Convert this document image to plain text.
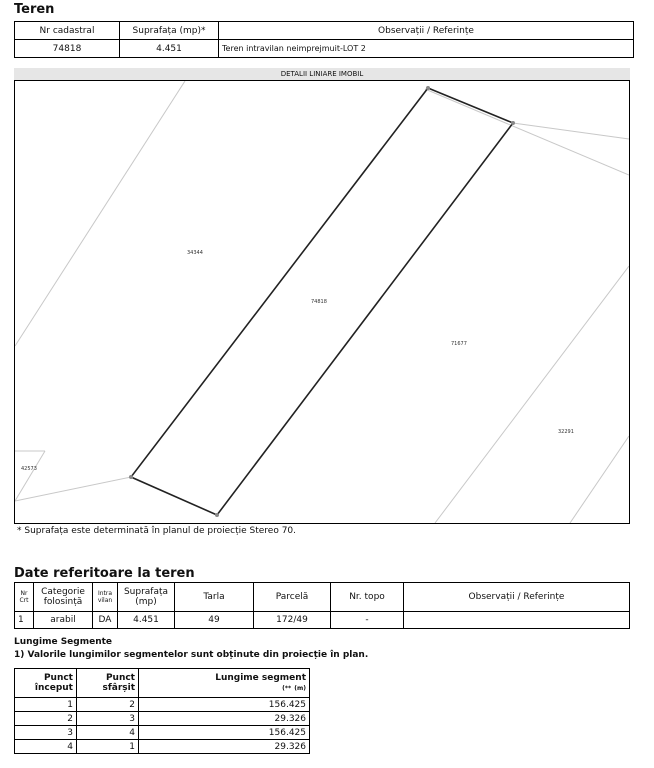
Teren
Nr cadastral	Suprafața (mp)*	Observații / Referințe
74818	4.451	Teren intravilan neimprejmuit-LOT 2
DETALII LINIARE IMOBIL
74818
34344
71677
32291
42573
* Suprafața este determinată în planul de proiecție Stereo 70.
Date referitoare la teren
Nr Crt	Categorie folosință	Intra vilan	Suprafața (mp)	Tarla	Parcelă	Nr. topo	Observații / Referințe
1	arabil	DA	4.451	49	172/49	-	
Lungime Segmente
1) Valorile lungimilor segmentelor sunt obținute din proiecție în plan.
Punct început	Punct sfârșit	Lungime segment
(** (m)
1	2	156.425
2	3	29.326
3	4	156.425
4	1	29.326
